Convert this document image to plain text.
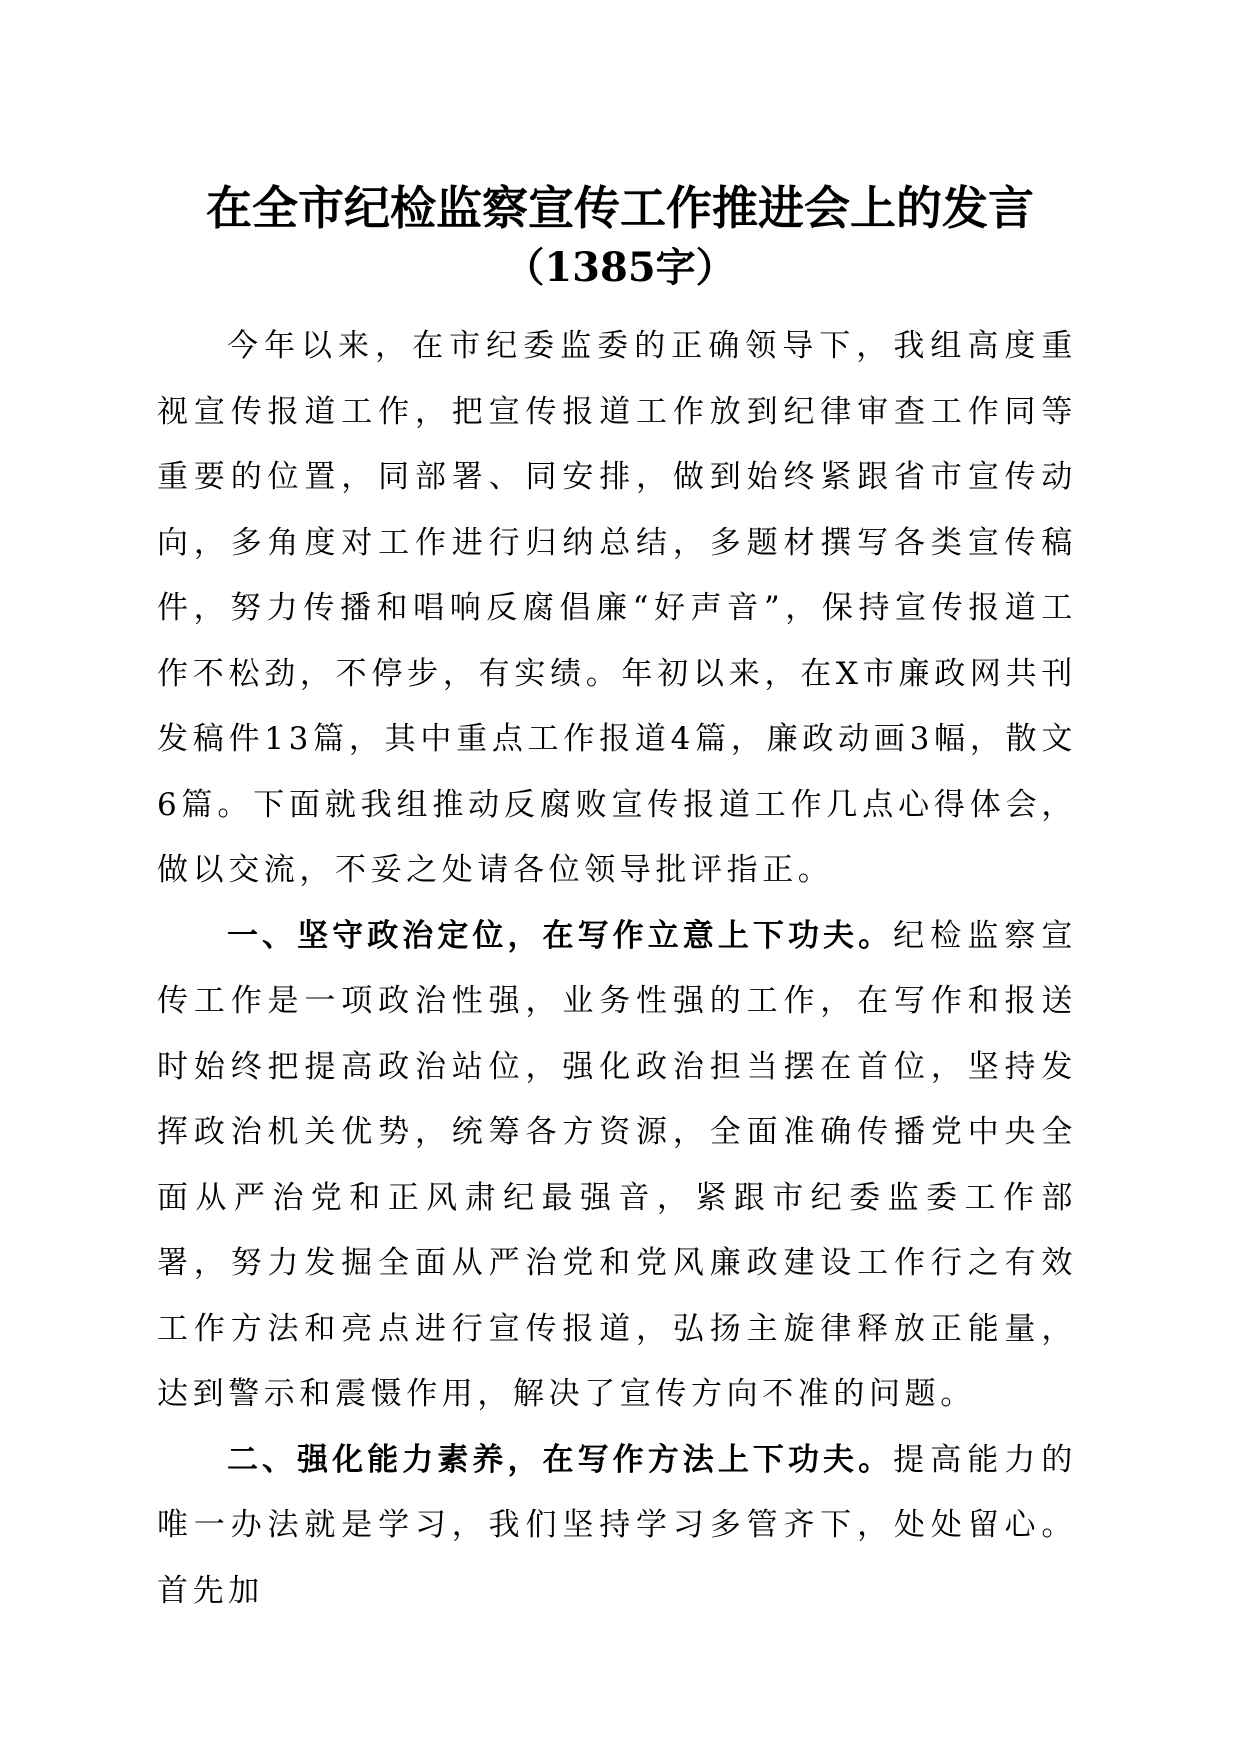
在全市纪检监察宣传工作推进会上的发言
（1385字）

今年以来，在市纪委监委的正确领导下，我组高度重视宣传报道工作，把宣传报道工作放到纪律审查工作同等重要的位置，同部署、同安排，做到始终紧跟省市宣传动向，多角度对工作进行归纳总结，多题材撰写各类宣传稿件，努力传播和唱响反腐倡廉“好声音”，保持宣传报道工作不松劲，不停步，有实绩。年初以来，在X市廉政网共刊发稿件13篇，其中重点工作报道4篇，廉政动画3幅，散文6篇。下面就我组推动反腐败宣传报道工作几点心得体会，做以交流，不妥之处请各位领导批评指正。

一、坚守政治定位，在写作立意上下功夫。纪检监察宣传工作是一项政治性强，业务性强的工作，在写作和报送时始终把提高政治站位，强化政治担当摆在首位，坚持发挥政治机关优势，统筹各方资源，全面准确传播党中央全面从严治党和正风肃纪最强音，紧跟市纪委监委工作部署，努力发掘全面从严治党和党风廉政建设工作行之有效工作方法和亮点进行宣传报道，弘扬主旋律释放正能量，达到警示和震慑作用，解决了宣传方向不准的问题。

二、强化能力素养，在写作方法上下功夫。提高能力的唯一办法就是学习，我们坚持学习多管齐下，处处留心。首先加
